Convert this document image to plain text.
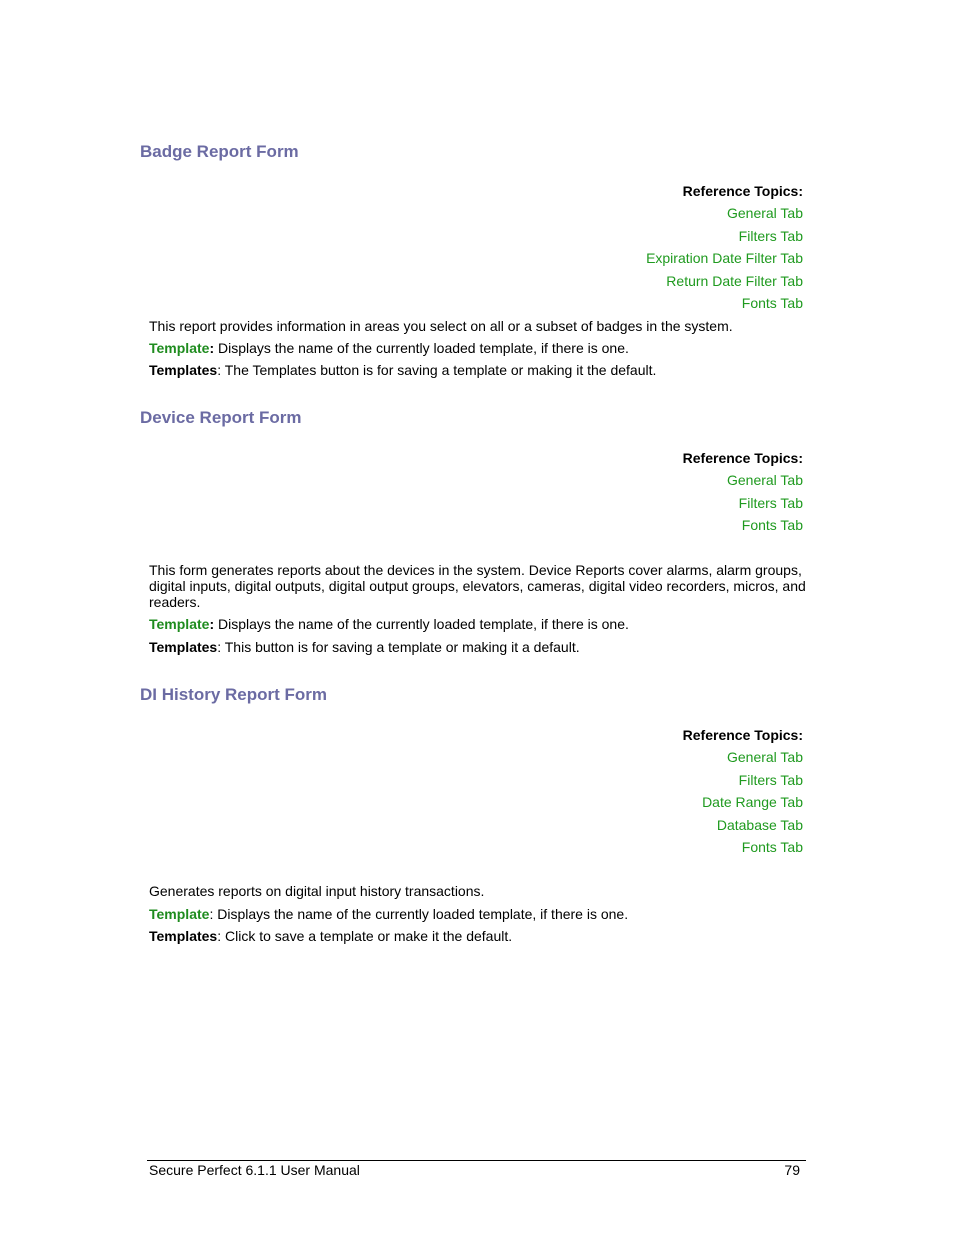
Badge Report Form
Reference Topics:
General Tab
Filters Tab
Expiration Date Filter Tab
Return Date Filter Tab
Fonts Tab

This report provides information in areas you select on all or a subset of badges in the system.

Template: Displays the name of the currently loaded template, if there is one.

Templates: The Templates button is for saving a template or making it the default.

Device Report Form
Reference Topics:
General Tab
Filters Tab
Fonts Tab

This form generates reports about the devices in the system. Device Reports cover alarms, alarm groups, digital inputs, digital outputs, digital output groups, elevators, cameras, digital video recorders, micros, and readers.

Template: Displays the name of the currently loaded template, if there is one.

Templates: This button is for saving a template or making it a default.

DI History Report Form
Reference Topics:
General Tab
Filters Tab
Date Range Tab
Database Tab
Fonts Tab

Generates reports on digital input history transactions.

Template: Displays the name of the currently loaded template, if there is one.

Templates: Click to save a template or make it the default.

Secure Perfect 6.1.1 User Manual	79
